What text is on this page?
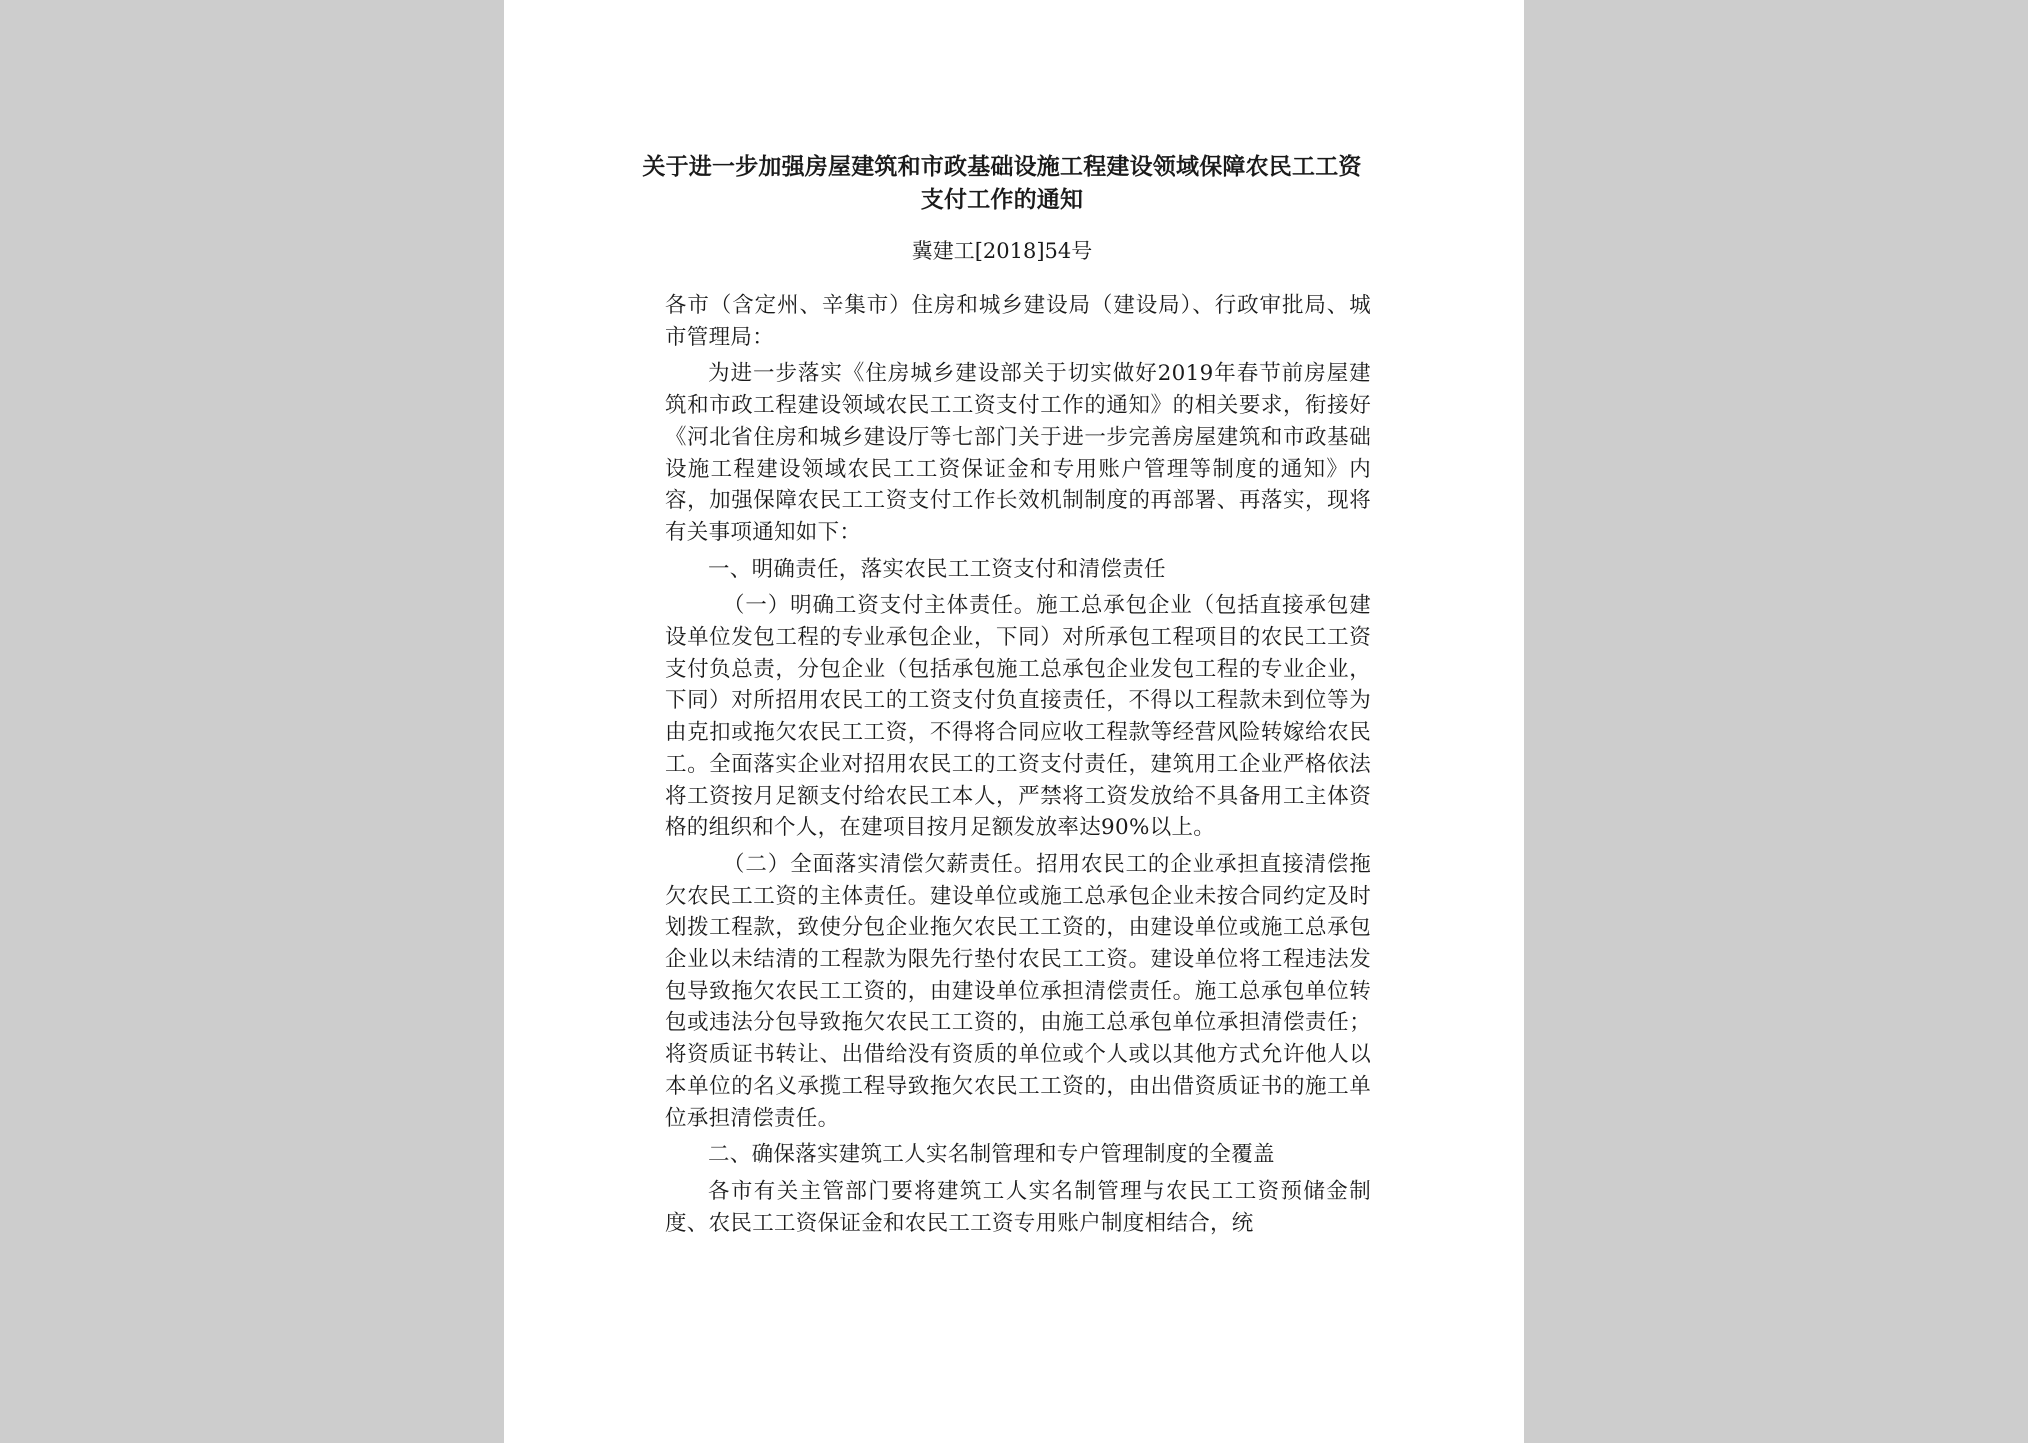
关于进一步加强房屋建筑和市政基础设施工程建设领域保障农民工工资支付工作的通知
冀建工[2018]54号

各市（含定州、辛集市）住房和城乡建设局（建设局）、行政审批局、城市管理局：

为进一步落实《住房城乡建设部关于切实做好2019年春节前房屋建筑和市政工程建设领域农民工工资支付工作的通知》的相关要求，衔接好《河北省住房和城乡建设厅等七部门关于进一步完善房屋建筑和市政基础设施工程建设领域农民工工资保证金和专用账户管理等制度的通知》内容，加强保障农民工工资支付工作长效机制制度的再部署、再落实，现将有关事项通知如下：

一、明确责任，落实农民工工资支付和清偿责任

（一）明确工资支付主体责任。施工总承包企业（包括直接承包建设单位发包工程的专业承包企业，下同）对所承包工程项目的农民工工资支付负总责，分包企业（包括承包施工总承包企业发包工程的专业企业，下同）对所招用农民工的工资支付负直接责任，不得以工程款未到位等为由克扣或拖欠农民工工资，不得将合同应收工程款等经营风险转嫁给农民工。全面落实企业对招用农民工的工资支付责任，建筑用工企业严格依法将工资按月足额支付给农民工本人，严禁将工资发放给不具备用工主体资格的组织和个人，在建项目按月足额发放率达90%以上。

（二）全面落实清偿欠薪责任。招用农民工的企业承担直接清偿拖欠农民工工资的主体责任。建设单位或施工总承包企业未按合同约定及时划拨工程款，致使分包企业拖欠农民工工资的，由建设单位或施工总承包企业以未结清的工程款为限先行垫付农民工工资。建设单位将工程违法发包导致拖欠农民工工资的，由建设单位承担清偿责任。施工总承包单位转包或违法分包导致拖欠农民工工资的，由施工总承包单位承担清偿责任；将资质证书转让、出借给没有资质的单位或个人或以其他方式允许他人以本单位的名义承揽工程导致拖欠农民工工资的，由出借资质证书的施工单位承担清偿责任。

二、确保落实建筑工人实名制管理和专户管理制度的全覆盖

各市有关主管部门要将建筑工人实名制管理与农民工工资预储金制度、农民工工资保证金和农民工工资专用账户制度相结合，统
